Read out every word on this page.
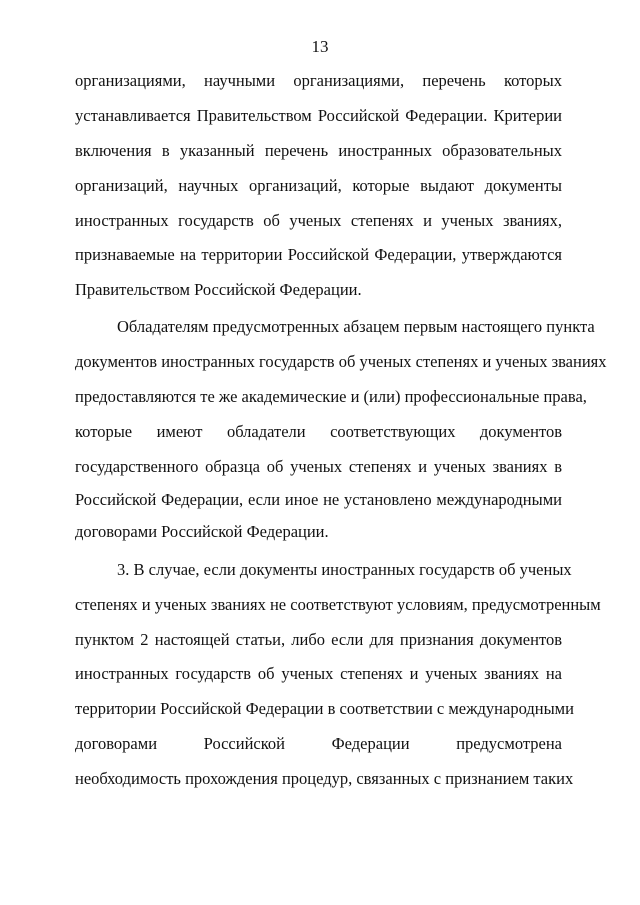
13
организациями, научными организациями, перечень которых
устанавливается Правительством Российской Федерации. Критерии
включения в указанный перечень иностранных образовательных
организаций, научных организаций, которые выдают документы
иностранных государств об ученых степенях и ученых званиях,
признаваемые на территории Российской Федерации, утверждаются
Правительством Российской Федерации.
Обладателям предусмотренных абзацем первым настоящего пункта
документов иностранных государств об ученых степенях и ученых званиях
предоставляются те же академические и (или) профессиональные права,
которые имеют обладатели соответствующих документов
государственного образца об ученых степенях и ученых званиях в
Российской Федерации, если иное не установлено международными
договорами Российской Федерации.
3. В случае, если документы иностранных государств об ученых
степенях и ученых званиях не соответствуют условиям, предусмотренным
пунктом 2 настоящей статьи, либо если для признания документов
иностранных государств об ученых степенях и ученых званиях на
территории Российской Федерации в соответствии с международными
договорами Российской Федерации предусмотрена
необходимость прохождения процедур, связанных с признанием таких
